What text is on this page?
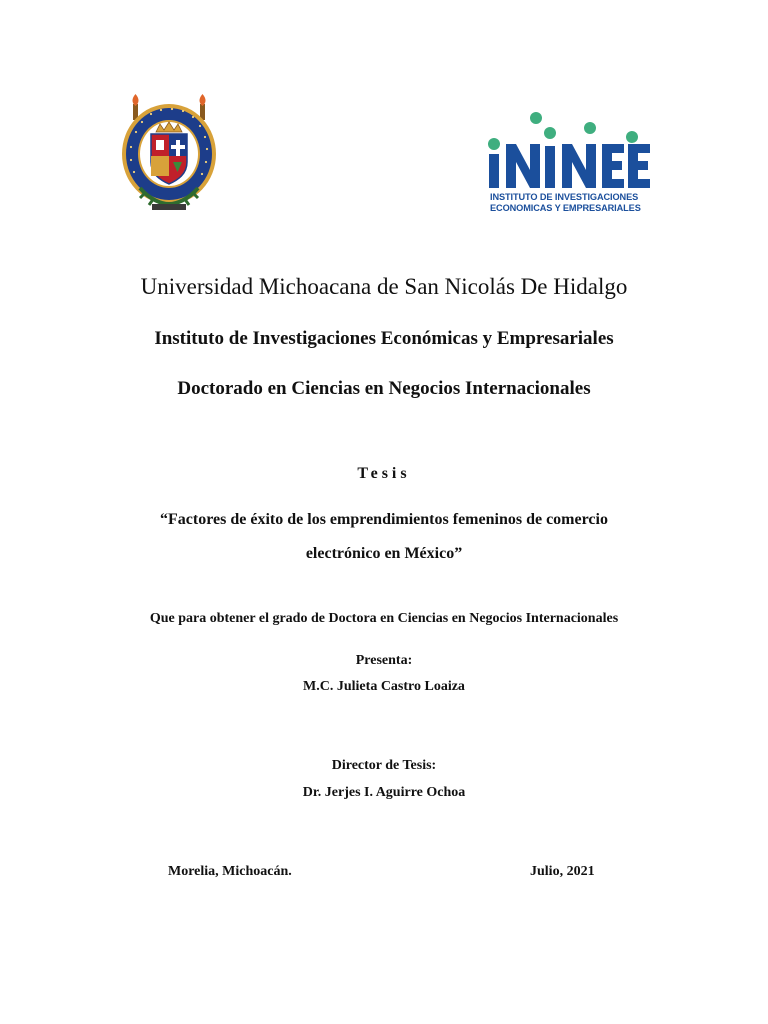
INSTITUTO DE INVESTIGACIONES
ECONOMICAS Y EMPRESARIALES
Universidad Michoacana de San Nicolás De Hidalgo
Instituto de Investigaciones Económicas y Empresariales
Doctorado en Ciencias en Negocios Internacionales
Tesis
“Factores de éxito de los emprendimientos femeninos de comercio
electrónico en México”
Que para obtener el grado de Doctora en Ciencias en Negocios Internacionales
Presenta:
M.C. Julieta Castro Loaiza
Director de Tesis:
Dr. Jerjes I. Aguirre Ochoa
Morelia, Michoacán.	Julio, 2021
